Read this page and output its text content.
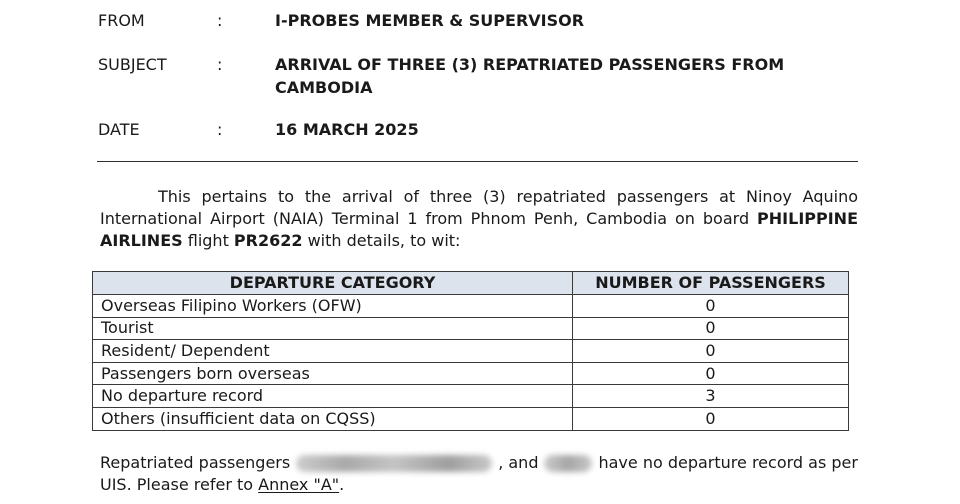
FROM	:	I-PROBES MEMBER & SUPERVISOR
SUBJECT	:	ARRIVAL OF THREE (3) REPATRIATED PASSENGERS FROM CAMBODIA
DATE	:	16 MARCH 2025
This pertains to the arrival of three (3) repatriated passengers at Ninoy Aquino
International Airport (NAIA) Terminal 1 from Phnom Penh, Cambodia on board PHILIPPINE
AIRLINES flight PR2622 with details, to wit:
DEPARTURE CATEGORY	NUMBER OF PASSENGERS
Overseas Filipino Workers (OFW)	0
Tourist	0
Resident/ Dependent	0
Passengers born overseas	0
No departure record	3
Others (insufficient data on CQSS)	0
Repatriated passengers	, and	have no departure record as per
UIS. Please refer to Annex "A".
